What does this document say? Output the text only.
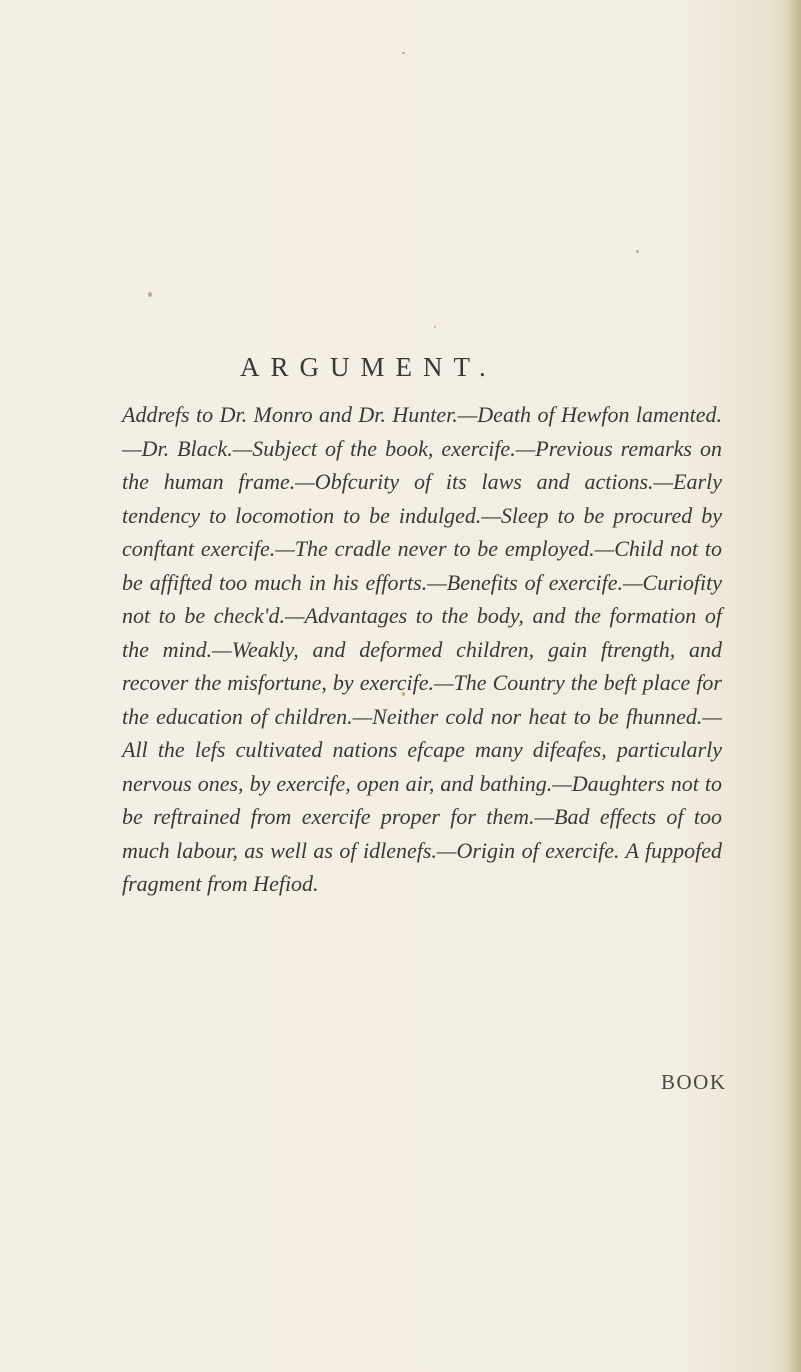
ARGUMENT.

Addrefs to Dr. Monro and Dr. Hunter.—Death of Hewfon lamented.—Dr. Black.—Subject of the book, exercife.—Previous remarks on the human frame.—Obfcurity of its laws and actions.—Early tendency to locomotion to be indulged.—Sleep to be procured by conftant exercife.—The cradle never to be employed.—Child not to be affifted too much in his efforts.—Benefits of exercife.—Curiofity not to be check'd.—Advantages to the body, and the formation of the mind.—Weakly, and deformed children, gain ftrength, and recover the misfortune, by exercife.—The Country the beft place for the education of children.—Neither cold nor heat to be fhunned.—All the lefs cultivated nations efcape many difeafes, particularly nervous ones, by exercife, open air, and bathing.—Daughters not to be reftrained from exercife proper for them.—Bad effects of too much labour, as well as of idlenefs.—Origin of exercife. A fuppofed fragment from Hefiod.

BOOK
